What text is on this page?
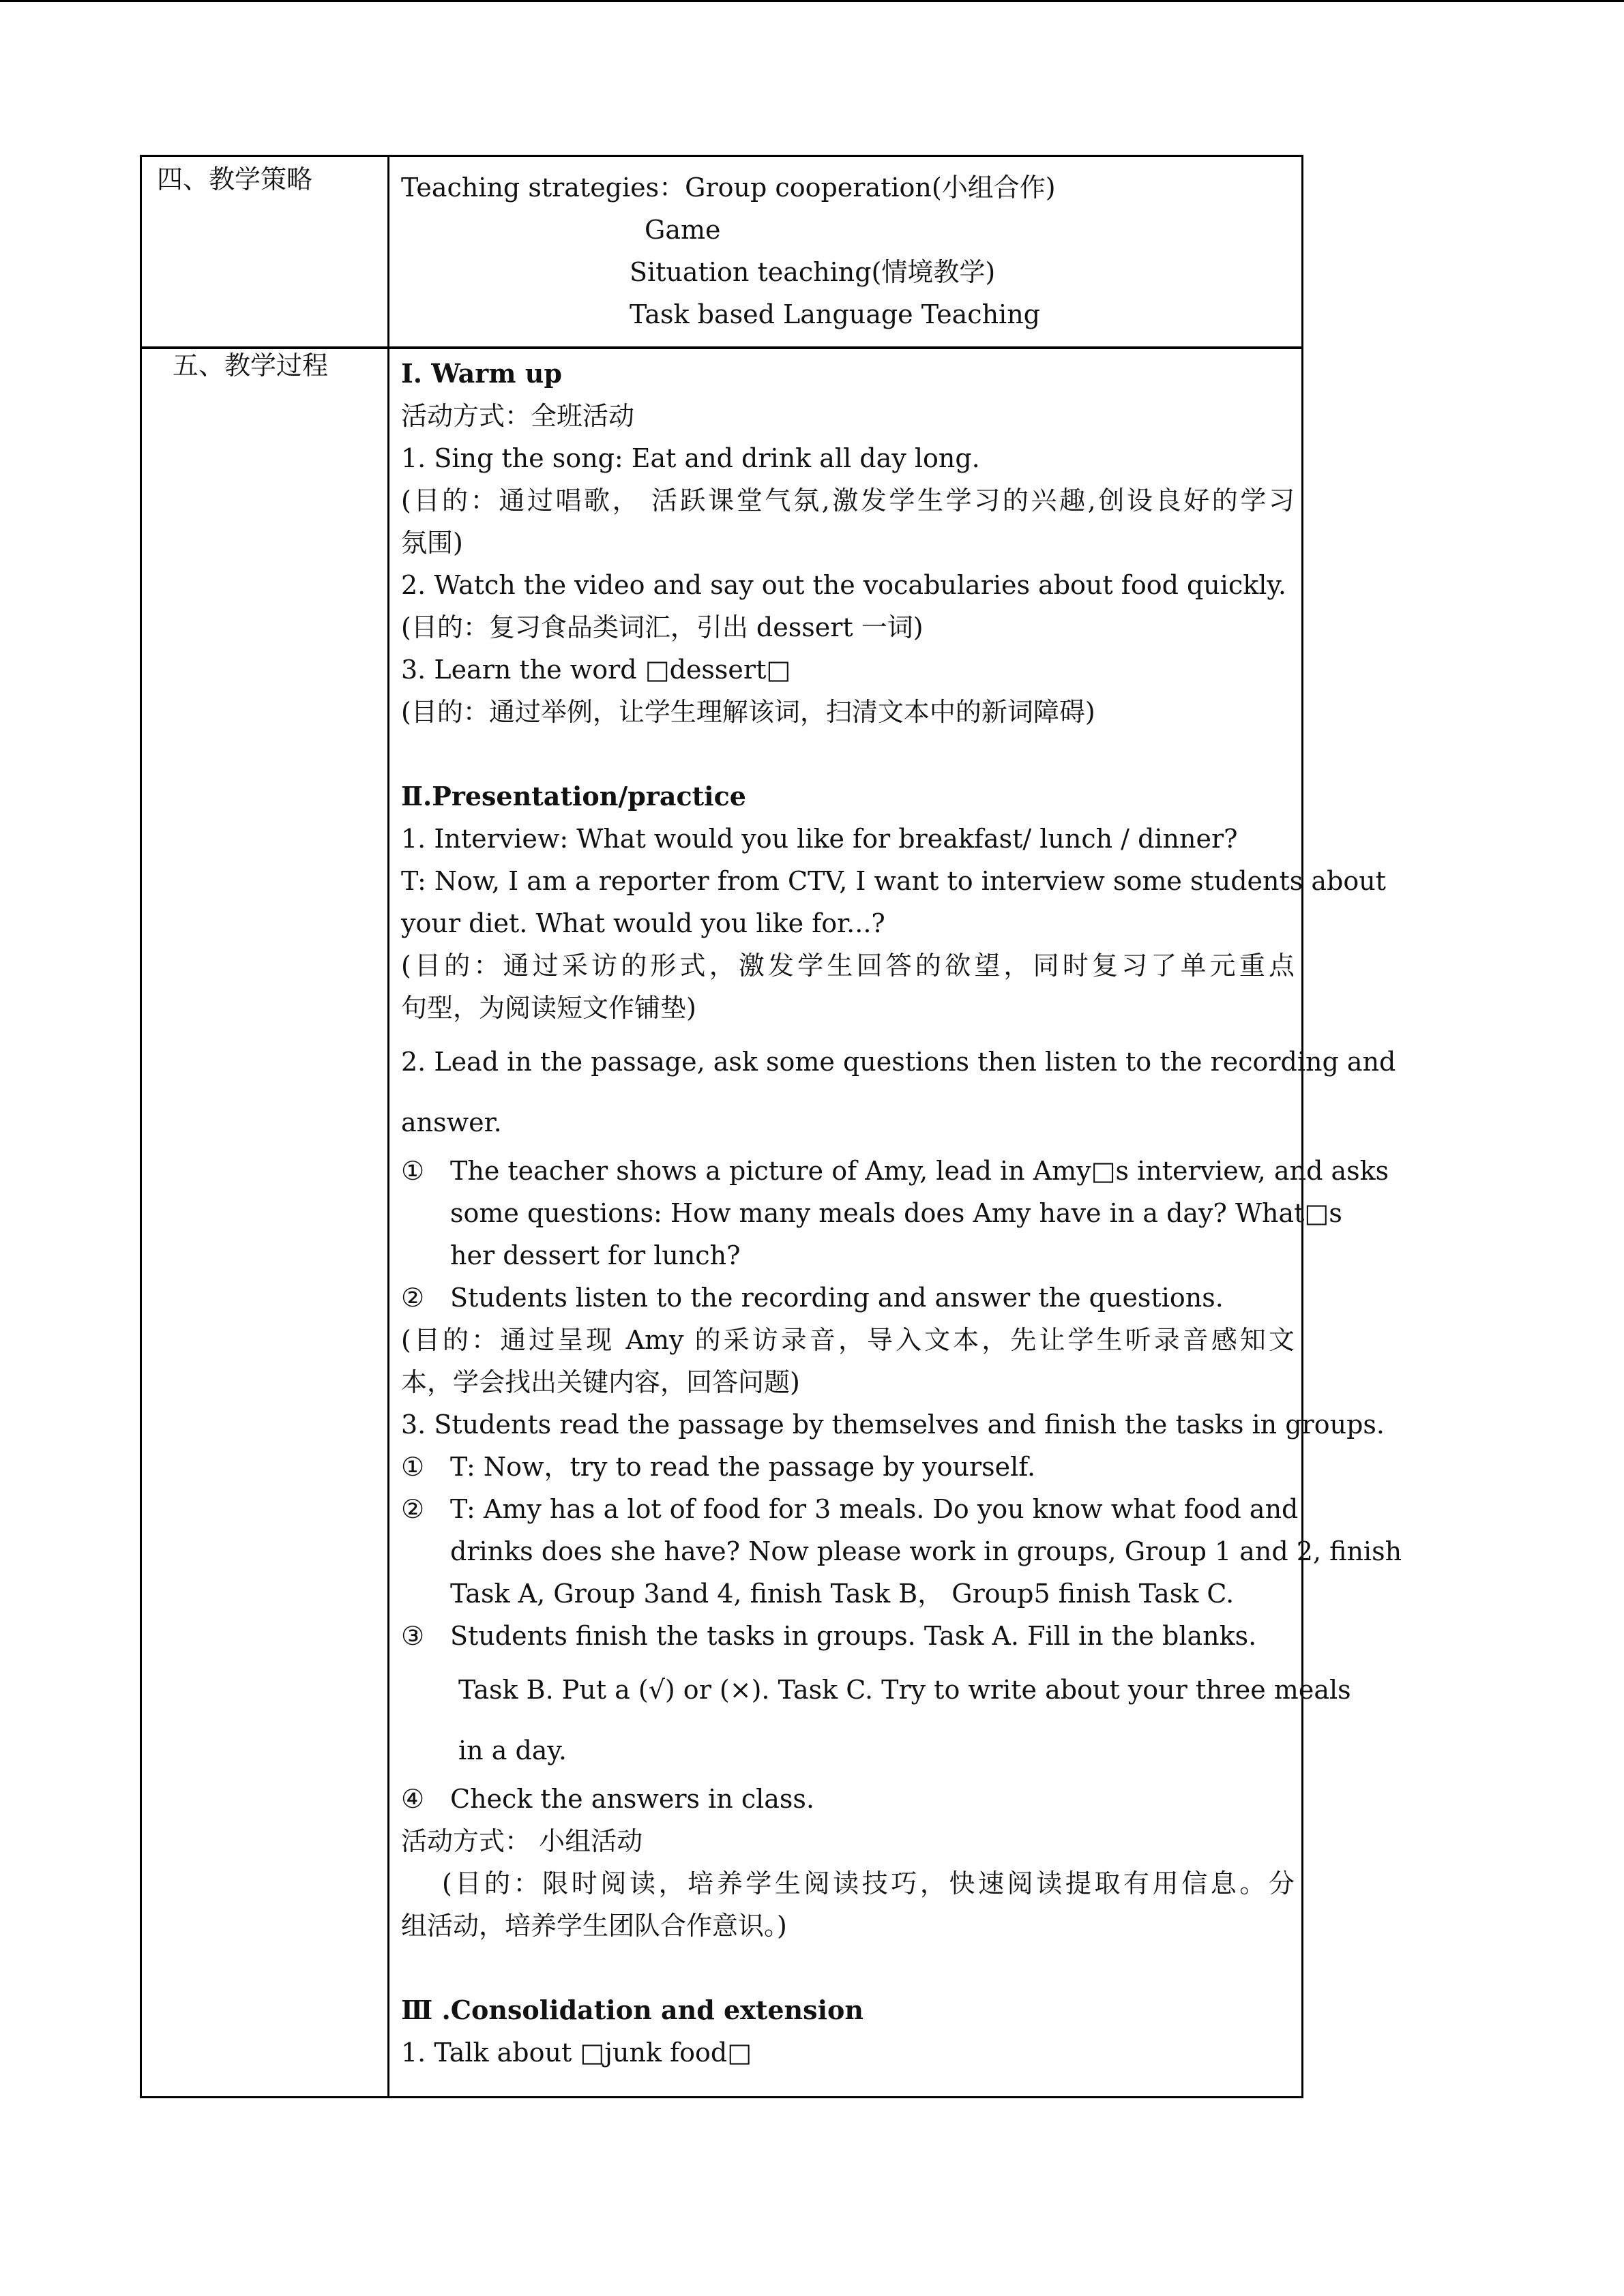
四、教学策略	Teaching strategies：Group cooperation(小组合作)
Game
Situation teaching(情境教学)
Task based Language Teaching
五、教学过程	I. Warm up
活动方式：全班活动
1. Sing the song: Eat and drink all day long.
(目的：通过唱歌， 活跃课堂气氛,激发学生学习的兴趣,创设良好的学习
氛围)
2. Watch the video and say out the vocabularies about food quickly.
(目的：复习食品类词汇，引出 dessert 一词)
3. Learn the word □dessert□
(目的：通过举例，让学生理解该词，扫清文本中的新词障碍)
Ⅱ.Presentation/practice
1. Interview: What would you like for breakfast/ lunch / dinner?
T: Now, I am a reporter from CTV, I want to interview some students about
your diet. What would you like for...?
(目的：通过采访的形式，激发学生回答的欲望，同时复习了单元重点
句型，为阅读短文作铺垫)
2. Lead in the passage, ask some questions then listen to the recording and
answer.
① The teacher shows a picture of Amy, lead in Amy□s interview, and asks
some questions: How many meals does Amy have in a day? What□s
her dessert for lunch?
② Students listen to the recording and answer the questions.
(目的：通过呈现 Amy 的采访录音，导入文本，先让学生听录音感知文
本，学会找出关键内容，回答问题)
3. Students read the passage by themselves and finish the tasks in groups.
① T: Now，try to read the passage by yourself.
② T: Amy has a lot of food for 3 meals. Do you know what food and
drinks does she have? Now please work in groups, Group 1 and 2, finish
Task A, Group 3and 4, finish Task B， Group5 finish Task C.
③ Students finish the tasks in groups. Task A. Fill in the blanks.
Task B. Put a (√) or (×). Task C. Try to write about your three meals
in a day.
④ Check the answers in class.
活动方式： 小组活动
(目的：限时阅读，培养学生阅读技巧，快速阅读提取有用信息。分
组活动，培养学生团队合作意识。)
Ⅲ .Consolidation and extension
1. Talk about □junk food□
